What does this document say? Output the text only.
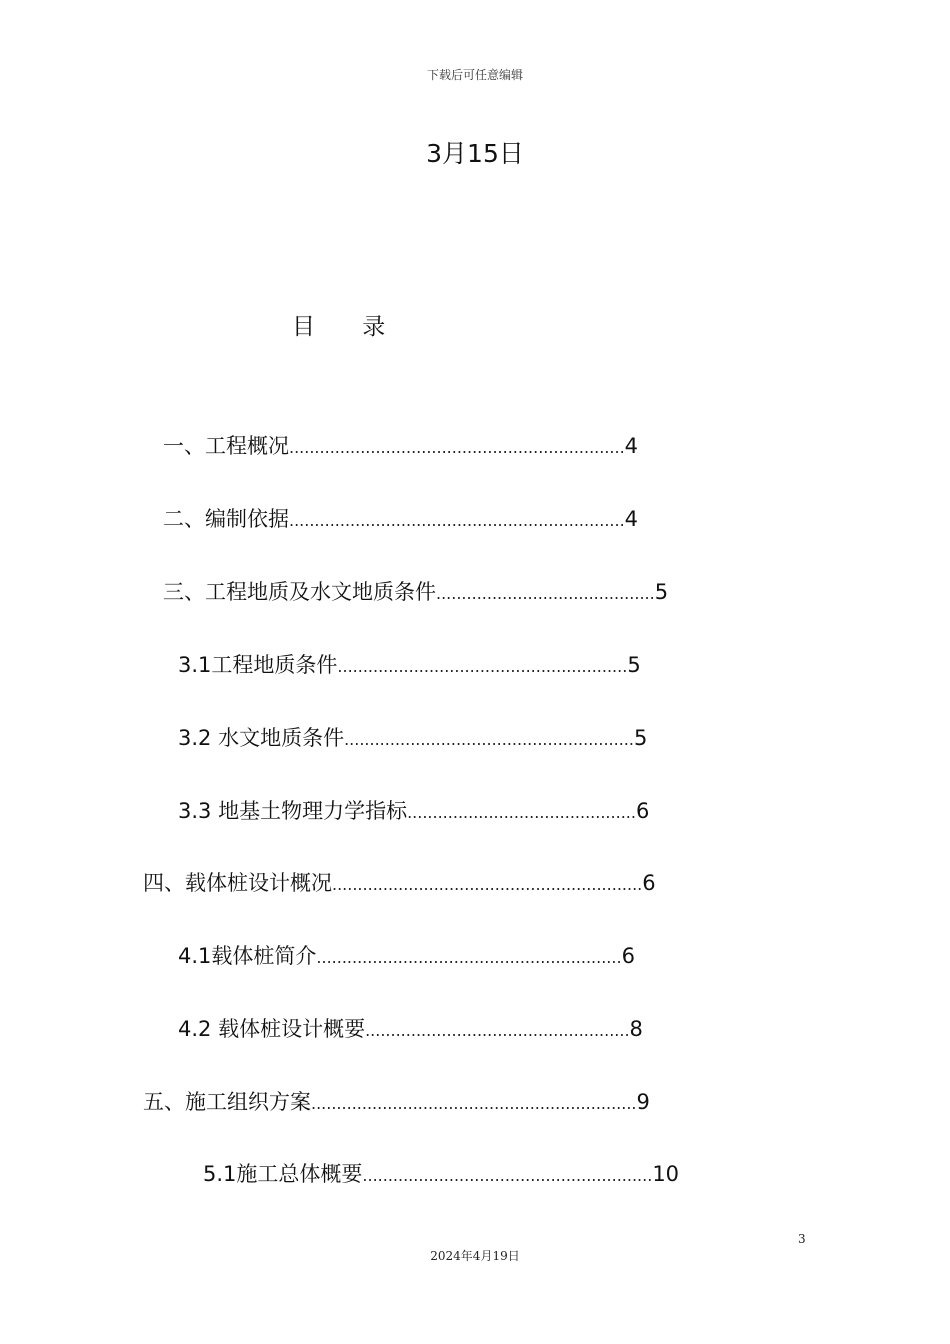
下载后可任意编辑
3月15日
目 录
一、工程概况..................................................................4
二、编制依据..................................................................4
三、工程地质及水文地质条件...........................................5
3.1工程地质条件.........................................................5
3.2 水文地质条件.........................................................5
3.3 地基土物理力学指标.............................................6
四、载体桩设计概况.............................................................6
4.1载体桩简介............................................................6
4.2 载体桩设计概要....................................................8
五、施工组织方案................................................................9
5.1施工总体概要.........................................................10
3
2024年4月19日
